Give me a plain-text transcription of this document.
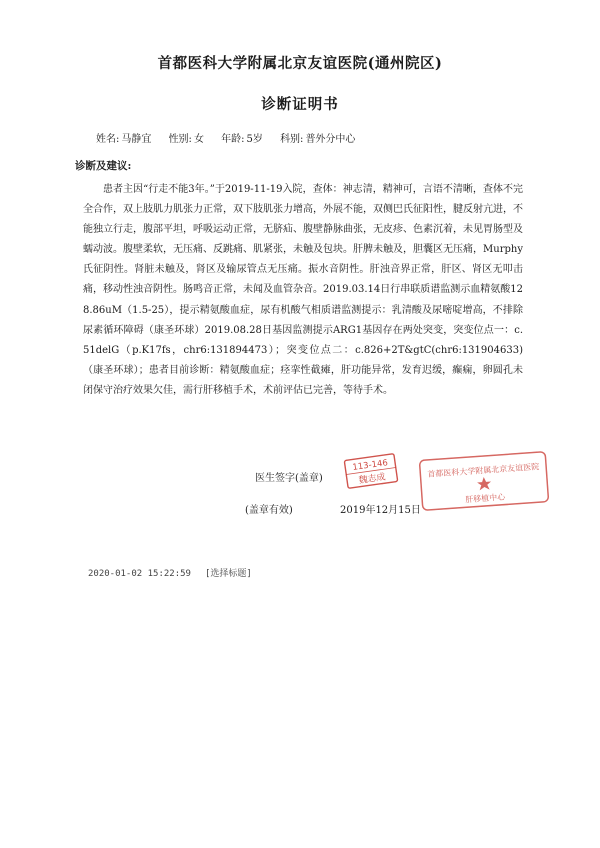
首都医科大学附属北京友谊医院(通州院区)
诊断证明书
姓名: 马静宜 性别: 女 年龄: 5岁 科别: 普外分中心
诊断及建议:

患者主因“行走不能3年。”于2019-11-19入院，查体：神志清，精神可，言语不清晰，查体不完全合作，双上肢肌力肌张力正常，双下肢肌张力增高，外展不能，双侧巴氏征阳性，腱反射亢进，不能独立行走，腹部平坦，呼吸运动正常，无脐疝、腹壁静脉曲张，无皮疹、色素沉着，未见胃肠型及蠕动波。腹壁柔软，无压痛、反跳痛、肌紧张，未触及包块。肝脾未触及，胆囊区无压痛，Murphy氏征阴性。肾脏未触及，肾区及输尿管点无压痛。振水音阴性。肝浊音界正常，肝区、肾区无叩击痛，移动性浊音阴性。肠鸣音正常，未闻及血管杂音。2019.03.14日行串联质谱监测示血精氨酸128.86uM（1.5-25），提示精氨酸血症，尿有机酸气相质谱监测提示：乳清酸及尿嘧啶增高，不排除尿素循环障碍（康圣环球）2019.08.28日基因监测提示ARG1基因存在两处突变，突变位点一：c.51delG（p.K17fs，chr6:131894473）；突变位点二：c.826+2T&gtC(chr6:131904633)（康圣环球）；患者目前诊断：精氨酸血症；痉挛性截瘫，肝功能异常，发育迟缓，癫痫，卵圆孔未闭保守治疗效果欠佳，需行肝移植手术，术前评估已完善，等待手术。

医生签字(盖章)
113-146
魏志成
首都医科大学附属北京友谊医院
肝移植中心
(盖章有效)	2019年12月15日
2020-01-02 15:22:59 [选择标题]
